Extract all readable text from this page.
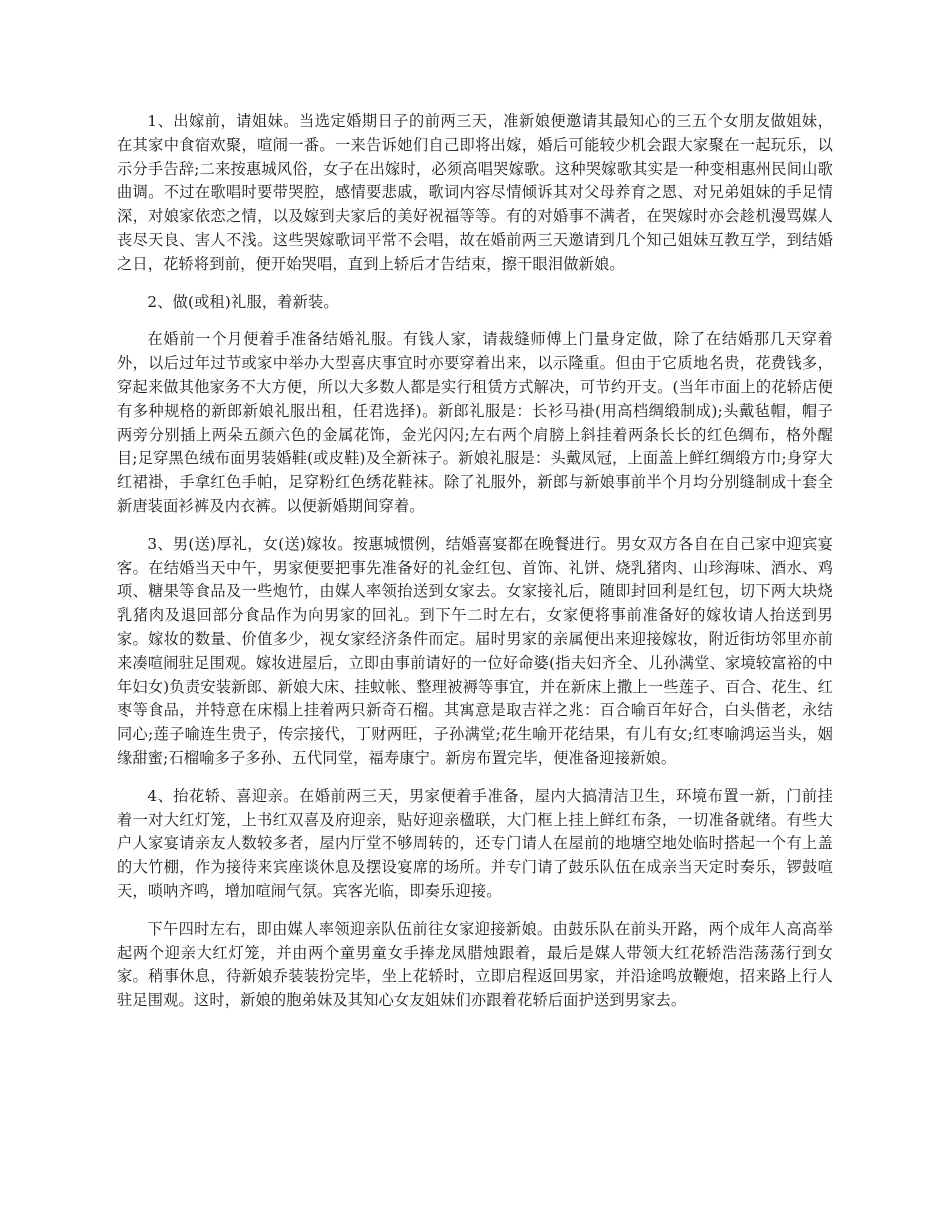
1、出嫁前，请姐妹。当选定婚期日子的前两三天，准新娘便邀请其最知心的三五个女朋友做姐妹，在其家中食宿欢聚，喧闹一番。一来告诉她们自己即将出嫁，婚后可能较少机会跟大家聚在一起玩乐，以示分手告辞;二来按惠城风俗，女子在出嫁时，必须高唱哭嫁歌。这种哭嫁歌其实是一种变相惠州民间山歌曲调。不过在歌唱时要带哭腔，感情要悲戚，歌词内容尽情倾诉其对父母养育之恩、对兄弟姐妹的手足情深，对娘家依恋之情，以及嫁到夫家后的美好祝福等等。有的对婚事不满者，在哭嫁时亦会趁机漫骂媒人丧尽天良、害人不浅。这些哭嫁歌词平常不会唱，故在婚前两三天邀请到几个知己姐妹互教互学，到结婚之日，花轿将到前，便开始哭唱，直到上轿后才告结束，擦干眼泪做新娘。

2、做(或租)礼服，着新装。

在婚前一个月便着手准备结婚礼服。有钱人家，请裁缝师傅上门量身定做，除了在结婚那几天穿着外，以后过年过节或家中举办大型喜庆事宜时亦要穿着出来，以示隆重。但由于它质地名贵，花费钱多，穿起来做其他家务不大方便，所以大多数人都是实行租赁方式解决，可节约开支。(当年市面上的花轿店便有多种规格的新郎新娘礼服出租，任君选择)。新郎礼服是：长衫马褂(用高档绸缎制成);头戴毡帽，帽子两旁分别插上两朵五颜六色的金属花饰，金光闪闪;左右两个肩膀上斜挂着两条长长的红色绸布，格外醒目;足穿黑色绒布面男装婚鞋(或皮鞋)及全新袜子。新娘礼服是：头戴凤冠，上面盖上鲜红绸缎方巾;身穿大红裙褂，手拿红色手帕，足穿粉红色绣花鞋袜。除了礼服外，新郎与新娘事前半个月均分别缝制成十套全新唐装面衫裤及内衣裤。以便新婚期间穿着。

3、男(送)厚礼，女(送)嫁妆。按惠城惯例，结婚喜宴都在晚餐进行。男女双方各自在自己家中迎宾宴客。在结婚当天中午，男家便要把事先准备好的礼金红包、首饰、礼饼、烧乳猪肉、山珍海味、酒水、鸡项、糖果等食品及一些炮竹，由媒人率领抬送到女家去。女家接礼后，随即封回利是红包，切下两大块烧乳猪肉及退回部分食品作为向男家的回礼。到下午二时左右，女家便将事前准备好的嫁妆请人抬送到男家。嫁妆的数量、价值多少，视女家经济条件而定。届时男家的亲属便出来迎接嫁妆，附近街坊邻里亦前来凑喧闹驻足围观。嫁妆进屋后，立即由事前请好的一位好命婆(指夫妇齐全、儿孙满堂、家境较富裕的中年妇女)负责安装新郎、新娘大床、挂蚊帐、整理被褥等事宜，并在新床上撒上一些莲子、百合、花生、红枣等食品，并特意在床榻上挂着两只新奇石榴。其寓意是取吉祥之兆：百合喻百年好合，白头偕老，永结同心;莲子喻连生贵子，传宗接代，丁财两旺，子孙满堂;花生喻开花结果，有儿有女;红枣喻鸿运当头，姻缘甜蜜;石榴喻多子多孙、五代同堂，福寿康宁。新房布置完毕，便准备迎接新娘。

4、抬花轿、喜迎亲。在婚前两三天，男家便着手准备，屋内大搞清洁卫生，环境布置一新，门前挂着一对大红灯笼，上书红双喜及府迎亲，贴好迎亲楹联，大门框上挂上鲜红布条，一切准备就绪。有些大户人家宴请亲友人数较多者，屋内厅堂不够周转的，还专门请人在屋前的地塘空地处临时搭起一个有上盖的大竹棚，作为接待来宾座谈休息及摆设宴席的场所。并专门请了鼓乐队伍在成亲当天定时奏乐，锣鼓喧天，唢呐齐鸣，增加喧闹气氛。宾客光临，即奏乐迎接。

下午四时左右，即由媒人率领迎亲队伍前往女家迎接新娘。由鼓乐队在前头开路，两个成年人高高举起两个迎亲大红灯笼，并由两个童男童女手捧龙凤腊烛跟着，最后是媒人带领大红花轿浩浩荡荡行到女家。稍事休息，待新娘乔装装扮完毕，坐上花轿时，立即启程返回男家，并沿途鸣放鞭炮，招来路上行人驻足围观。这时，新娘的胞弟妹及其知心女友姐妹们亦跟着花轿后面护送到男家去。
